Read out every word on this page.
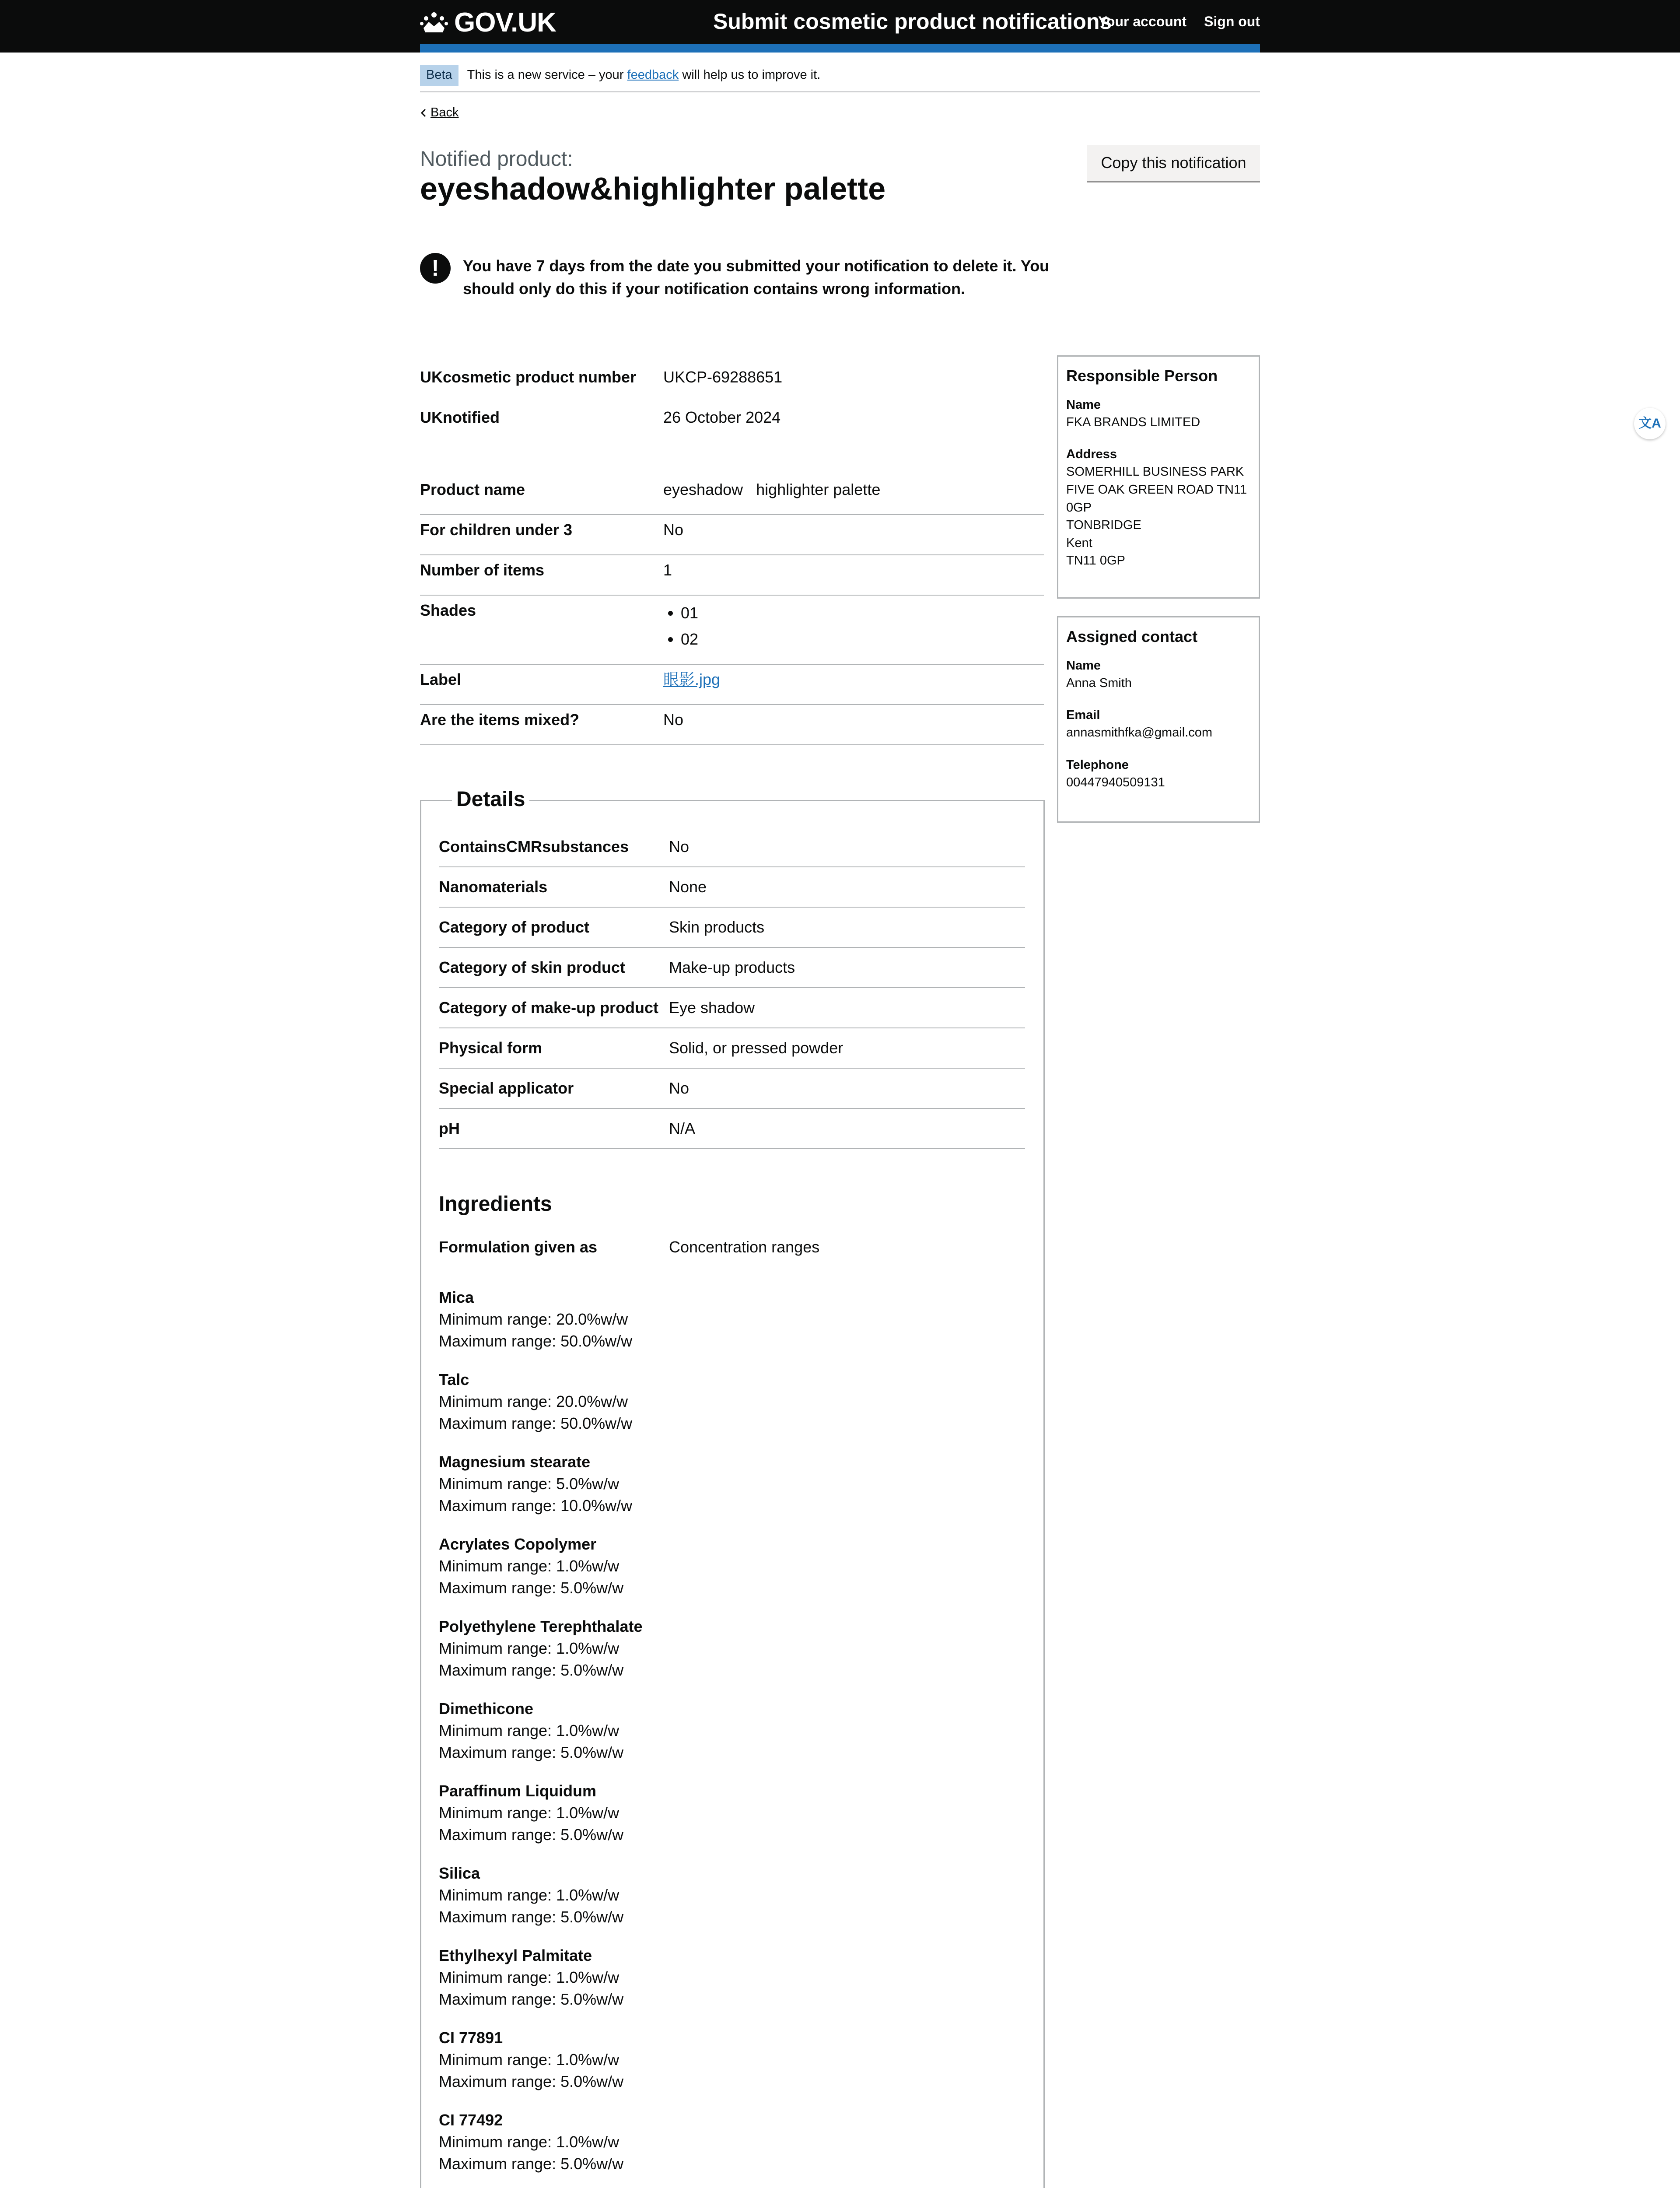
GOV.UK	Submit cosmetic product notifications
Your account Sign out
Beta	This is a new service – your feedback will help us to improve it.
Back
Notified product:
eyeshadow&highlighter palette
Copy this notification
!	You have 7 days from the date you submitted your notification to delete it. You should only do this if your notification contains wrong information.
UKcosmetic product number	UKCP-69288651
UKnotified	26 October 2024
Product name	eyeshadow   highlighter palette
For children under 3	No
Number of items	1
Shades
•	01
• 02
Label	眼影.jpg
Are the items mixed?	No
Responsible Person
Name
FKA BRANDS LIMITED
Address
SOMERHILL BUSINESS PARK
FIVE OAK GREEN ROAD TN11
0GP
TONBRIDGE
Kent
TN11 0GP
Assigned contact
Name
Anna Smith
Email
annasmithfka@gmail.com
Telephone
004479405091​31
文A
Details
ContainsCMRsubstances	No
Nanomaterials	None
Category of product	Skin products
Category of skin product	Make-up products
Category of make-up product Eye shadow
Physical form	Solid, or pressed powder
Special applicator	No
pH	N/A
Ingredients
Formulation given as	Concentration ranges
Mica
Minimum range: 20.0%w/w
Maximum range: 50.0%w/w
Talc
Minimum range: 20.0%w/w
Maximum range: 50.0%w/w
Magnesium stearate
Minimum range: 5.0%w/w
Maximum range: 10.0%w/w
Acrylates Copolymer
Minimum range: 1.0%w/w
Maximum range: 5.0%w/w
Polyethylene Terephthalate
Minimum range: 1.0%w/w
Maximum range: 5.0%w/w
Dimethicone
Minimum range: 1.0%w/w
Maximum range: 5.0%w/w
Paraffinum Liquidum
Minimum range: 1.0%w/w
Maximum range: 5.0%w/w
Silica
Minimum range: 1.0%w/w
Maximum range: 5.0%w/w
Ethylhexyl Palmitate
Minimum range: 1.0%w/w
Maximum range: 5.0%w/w
CI 77891
Minimum range: 1.0%w/w
Maximum range: 5.0%w/w
CI 77492
Minimum range: 1.0%w/w
Maximum range: 5.0%w/w
